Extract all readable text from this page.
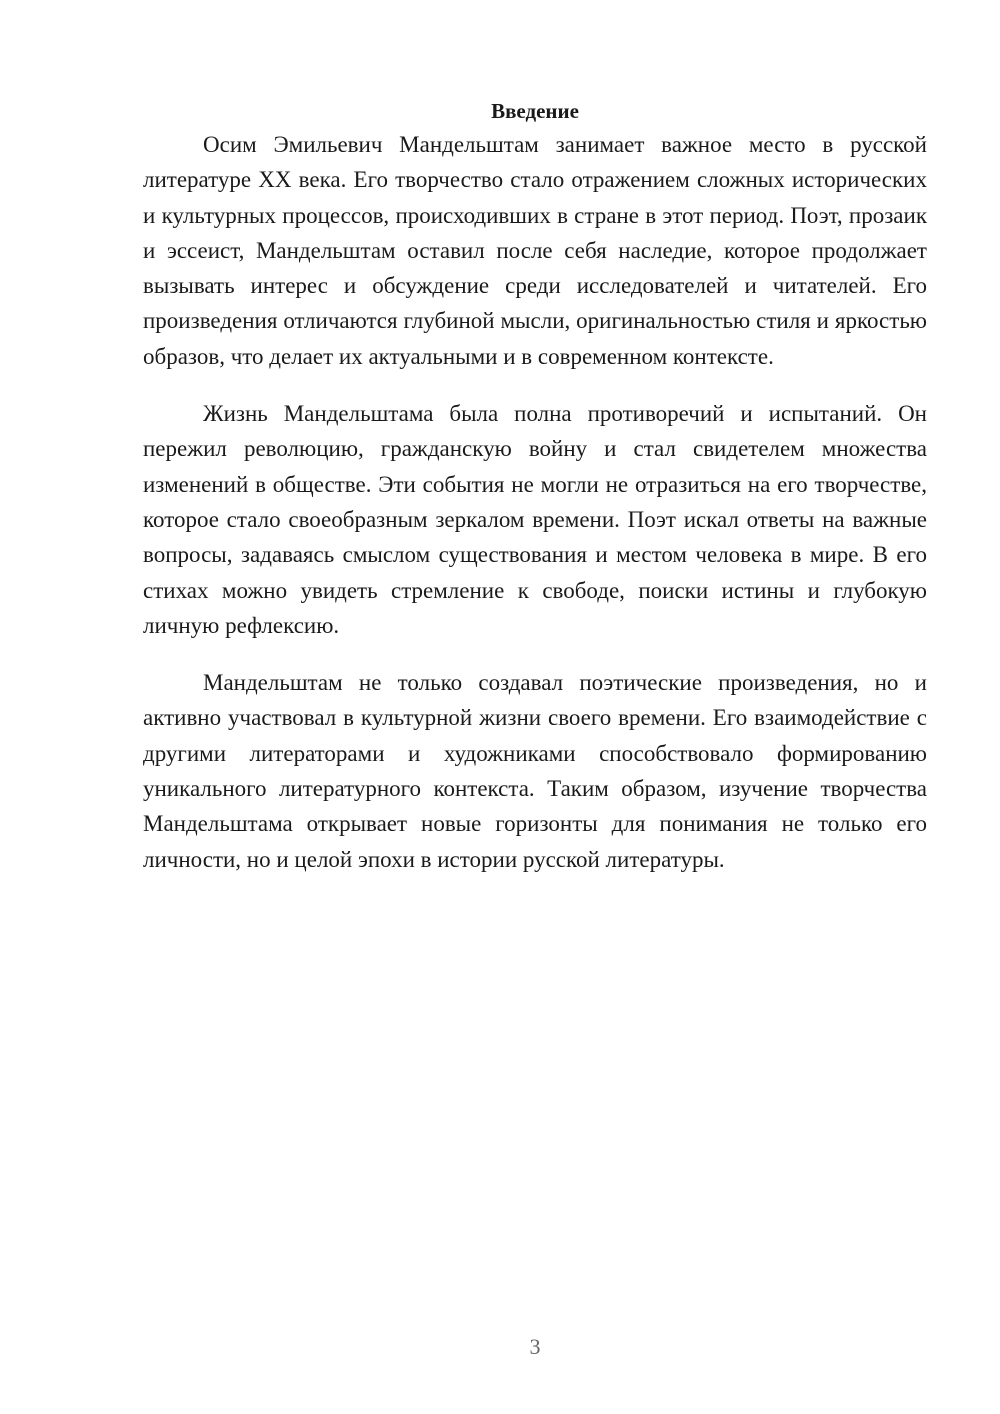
Введение

Осим Эмильевич Мандельштам занимает важное место в русской литературе XX века. Его творчество стало отражением сложных исторических и культурных процессов, происходивших в стране в этот период. Поэт, прозаик и эссеист, Мандельштам оставил после себя наследие, которое продолжает вызывать интерес и обсуждение среди исследователей и читателей. Его произведения отличаются глубиной мысли, оригинальностью стиля и яркостью образов, что делает их актуальными и в современном контексте.

Жизнь Мандельштама была полна противоречий и испытаний. Он пережил революцию, гражданскую войну и стал свидетелем множества изменений в обществе. Эти события не могли не отразиться на его творчестве, которое стало своеобразным зеркалом времени. Поэт искал ответы на важные вопросы, задаваясь смыслом существования и местом человека в мире. В его стихах можно увидеть стремление к свободе, поиски истины и глубокую личную рефлексию.

Мандельштам не только создавал поэтические произведения, но и активно участвовал в культурной жизни своего времени. Его взаимодействие с другими литераторами и художниками способствовало формированию уникального литературного контекста. Таким образом, изучение творчества Мандельштама открывает новые горизонты для понимания не только его личности, но и целой эпохи в истории русской литературы.

3
